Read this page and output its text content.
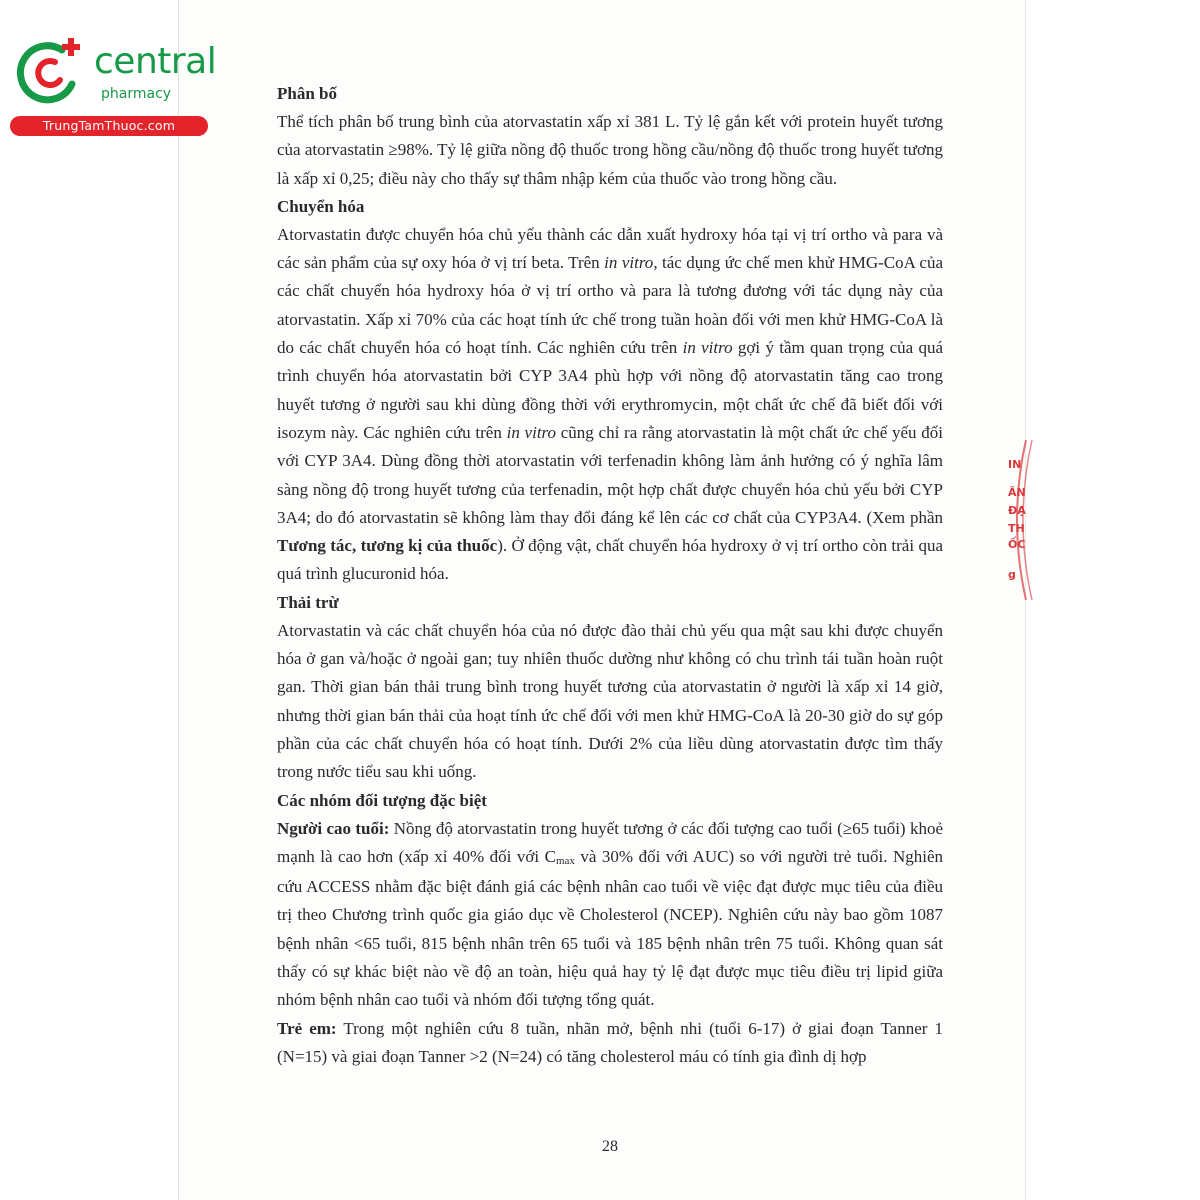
central
pharmacy
TrungTamThuoc.com

Phân bố

Thể tích phân bố trung bình của atorvastatin xấp xỉ 381 L. Tỷ lệ gắn kết với protein huyết tương của atorvastatin ≥98%. Tỷ lệ giữa nồng độ thuốc trong hồng cầu/nồng độ thuốc trong huyết tương là xấp xỉ 0,25; điều này cho thấy sự thâm nhập kém của thuốc vào trong hồng cầu.

Chuyển hóa

Atorvastatin được chuyển hóa chủ yếu thành các dẫn xuất hydroxy hóa tại vị trí ortho và para và các sản phẩm của sự oxy hóa ở vị trí beta. Trên in vitro, tác dụng ức chế men khử HMG-CoA của các chất chuyển hóa hydroxy hóa ở vị trí ortho và para là tương đương với tác dụng này của atorvastatin. Xấp xỉ 70% của các hoạt tính ức chế trong tuần hoàn đối với men khử HMG-CoA là do các chất chuyển hóa có hoạt tính. Các nghiên cứu trên in vitro gợi ý tầm quan trọng của quá trình chuyển hóa atorvastatin bởi CYP 3A4 phù hợp với nồng độ atorvastatin tăng cao trong huyết tương ở người sau khi dùng đồng thời với erythromycin, một chất ức chế đã biết đối với isozym này. Các nghiên cứu trên in vitro cũng chỉ ra rằng atorvastatin là một chất ức chế yếu đối với CYP 3A4. Dùng đồng thời atorvastatin với terfenadin không làm ảnh hưởng có ý nghĩa lâm sàng nồng độ trong huyết tương của terfenadin, một hợp chất được chuyển hóa chủ yếu bởi CYP 3A4; do đó atorvastatin sẽ không làm thay đổi đáng kể lên các cơ chất của CYP3A4. (Xem phần Tương tác, tương kị của thuốc). Ở động vật, chất chuyển hóa hydroxy ở vị trí ortho còn trải qua quá trình glucuronid hóa.

Thải trừ

Atorvastatin và các chất chuyển hóa của nó được đào thải chủ yếu qua mật sau khi được chuyển hóa ở gan và/hoặc ở ngoài gan; tuy nhiên thuốc dường như không có chu trình tái tuần hoàn ruột gan. Thời gian bán thải trung bình trong huyết tương của atorvastatin ở người là xấp xỉ 14 giờ, nhưng thời gian bán thải của hoạt tính ức chế đối với men khử HMG-CoA là 20-30 giờ do sự góp phần của các chất chuyển hóa có hoạt tính. Dưới 2% của liều dùng atorvastatin được tìm thấy trong nước tiểu sau khi uống.

Các nhóm đối tượng đặc biệt

Người cao tuổi: Nồng độ atorvastatin trong huyết tương ở các đối tượng cao tuổi (≥65 tuổi) khoẻ mạnh là cao hơn (xấp xỉ 40% đối với $C_{max}$ và 30% đối với AUC) so với người trẻ tuổi. Nghiên cứu ACCESS nhằm đặc biệt đánh giá các bệnh nhân cao tuổi về việc đạt được mục tiêu của điều trị theo Chương trình quốc gia giáo dục về Cholesterol (NCEP). Nghiên cứu này bao gồm 1087 bệnh nhân <65 tuổi, 815 bệnh nhân trên 65 tuổi và 185 bệnh nhân trên 75 tuổi. Không quan sát thấy có sự khác biệt nào về độ an toàn, hiệu quả hay tỷ lệ đạt được mục tiêu điều trị lipid giữa nhóm bệnh nhân cao tuổi và nhóm đối tượng tổng quát.

Trẻ em: Trong một nghiên cứu 8 tuần, nhãn mở, bệnh nhi (tuổi 6-17) ở giai đoạn Tanner 1 (N=15) và giai đoạn Tanner >2 (N=24) có tăng cholesterol máu có tính gia đình dị hợp

28
IN
ĂN
ĐẠ
TH
ỐC
g
